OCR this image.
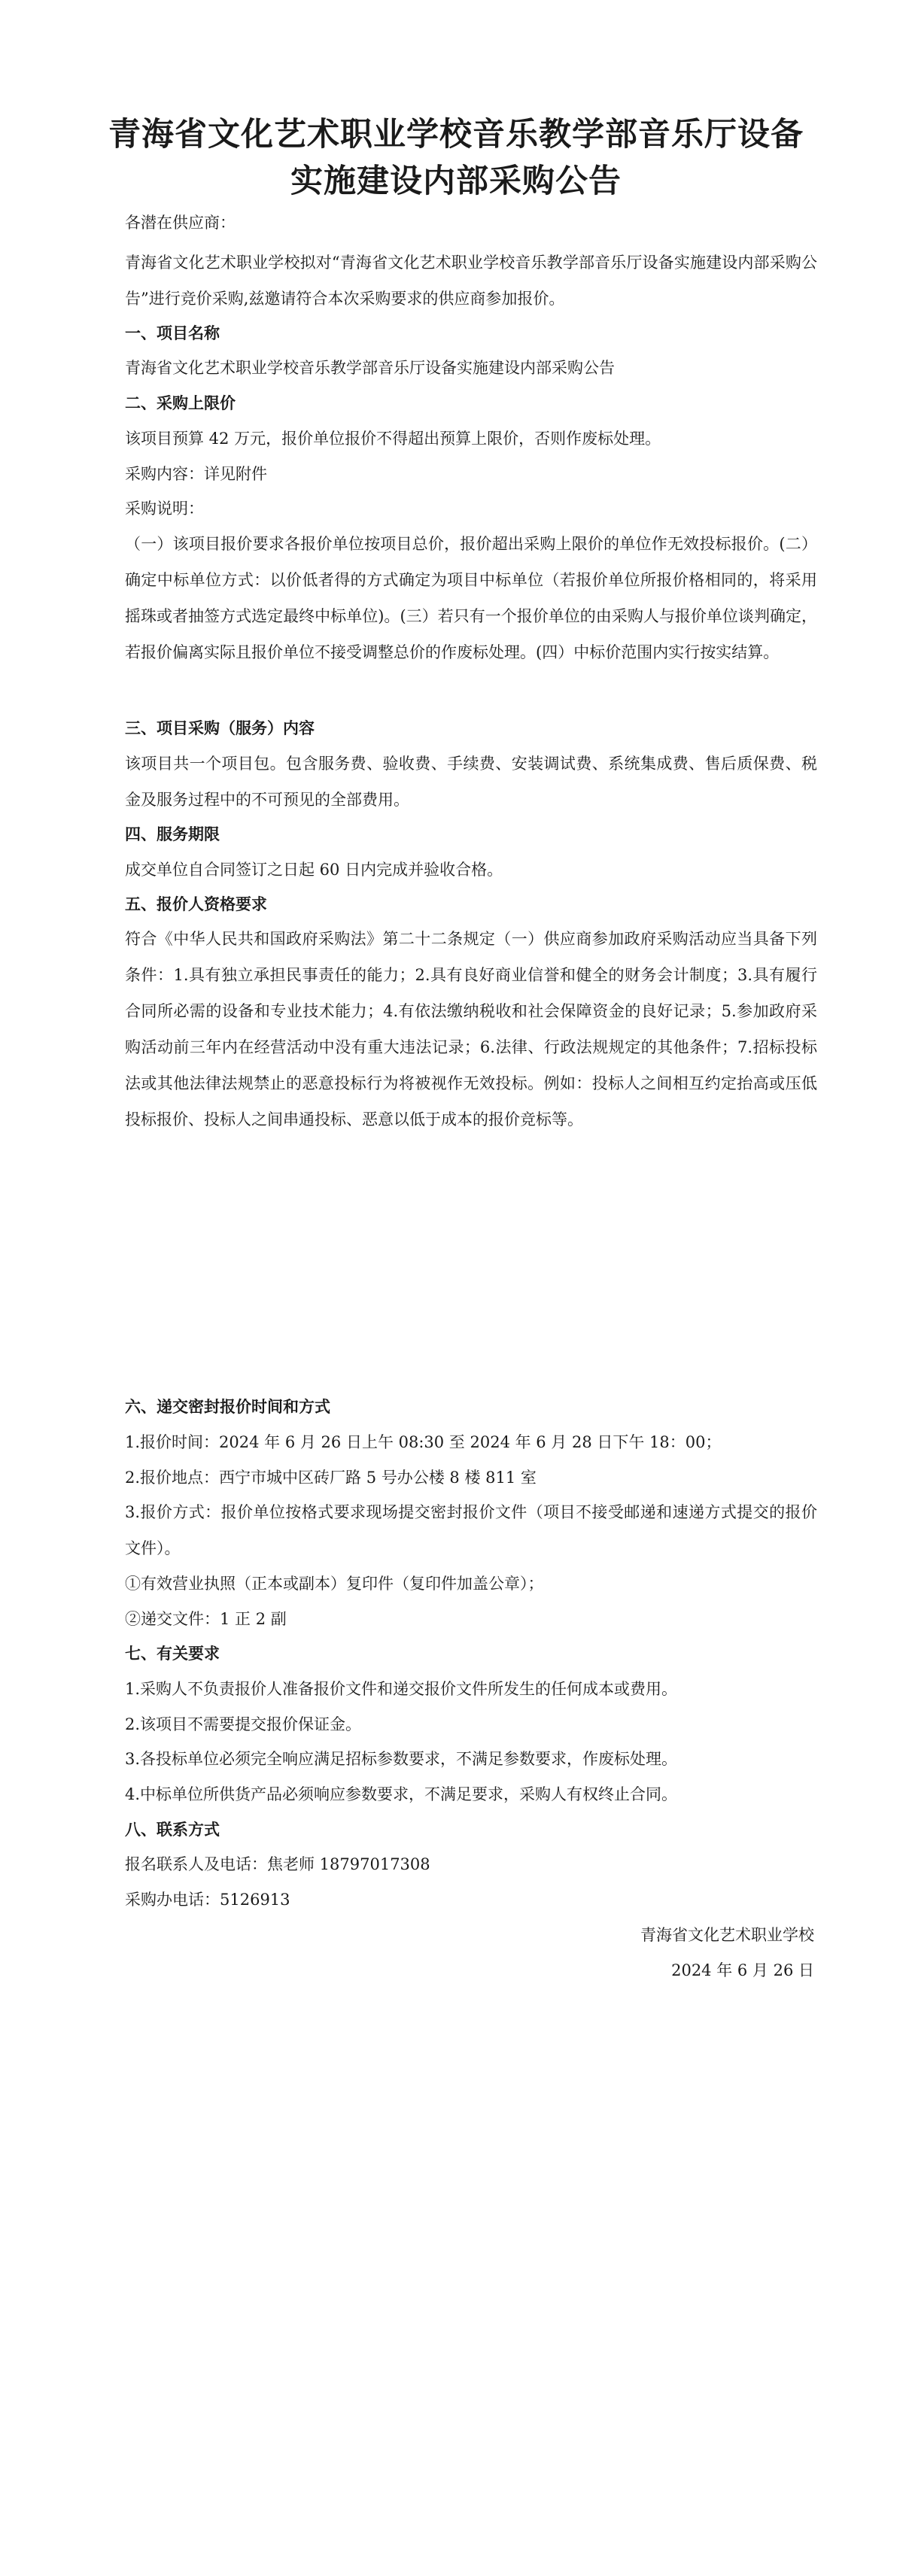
青海省文化艺术职业学校音乐教学部音乐厅设备
实施建设内部采购公告
各潜在供应商：
青海省文化艺术职业学校拟对“青海省文化艺术职业学校音乐教学部音乐厅设备实施建设内部采购公告”进行竞价采购,兹邀请符合本次采购要求的供应商参加报价。
一、项目名称
青海省文化艺术职业学校音乐教学部音乐厅设备实施建设内部采购公告
二、采购上限价
该项目预算 42 万元，报价单位报价不得超出预算上限价，否则作废标处理。
采购内容：详见附件
采购说明：
（一）该项目报价要求各报价单位按项目总价，报价超出采购上限价的单位作无效投标报价。(二）确定中标单位方式：以价低者得的方式确定为项目中标单位（若报价单位所报价格相同的，将采用摇珠或者抽签方式选定最终中标单位)。(三）若只有一个报价单位的由采购人与报价单位谈判确定，若报价偏离实际且报价单位不接受调整总价的作废标处理。(四）中标价范围内实行按实结算。
三、项目采购（服务）内容
该项目共一个项目包。包含服务费、验收费、手续费、安装调试费、系统集成费、售后质保费、税金及服务过程中的不可预见的全部费用。
四、服务期限
成交单位自合同签订之日起 60 日内完成并验收合格。
五、报价人资格要求
符合《中华人民共和国政府采购法》第二十二条规定（一）供应商参加政府采购活动应当具备下列条件：1.具有独立承担民事责任的能力；2.具有良好商业信誉和健全的财务会计制度；3.具有履行合同所必需的设备和专业技术能力；4.有依法缴纳税收和社会保障资金的良好记录；5.参加政府采购活动前三年内在经营活动中没有重大违法记录；6.法律、行政法规规定的其他条件；7.招标投标法或其他法律法规禁止的恶意投标行为将被视作无效投标。例如：投标人之间相互约定抬高或压低投标报价、投标人之间串通投标、恶意以低于成本的报价竞标等。
六、递交密封报价时间和方式
1.报价时间：2024 年 6 月 26 日上午 08:30 至 2024 年 6 月 28 日下午 18：00；
2.报价地点：西宁市城中区砖厂路 5 号办公楼 8 楼 811 室
3.报价方式：报价单位按格式要求现场提交密封报价文件（项目不接受邮递和速递方式提交的报价文件）。
①有效营业执照（正本或副本）复印件（复印件加盖公章）；
②递交文件：1 正 2 副
七、有关要求
1.采购人不负责报价人准备报价文件和递交报价文件所发生的任何成本或费用。
2.该项目不需要提交报价保证金。
3.各投标单位必须完全响应满足招标参数要求，不满足参数要求，作废标处理。
4.中标单位所供货产品必须响应参数要求，不满足要求，采购人有权终止合同。
八、联系方式
报名联系人及电话：焦老师 18797017308
采购办电话：5126913
青海省文化艺术职业学校
2024 年 6 月 26 日
